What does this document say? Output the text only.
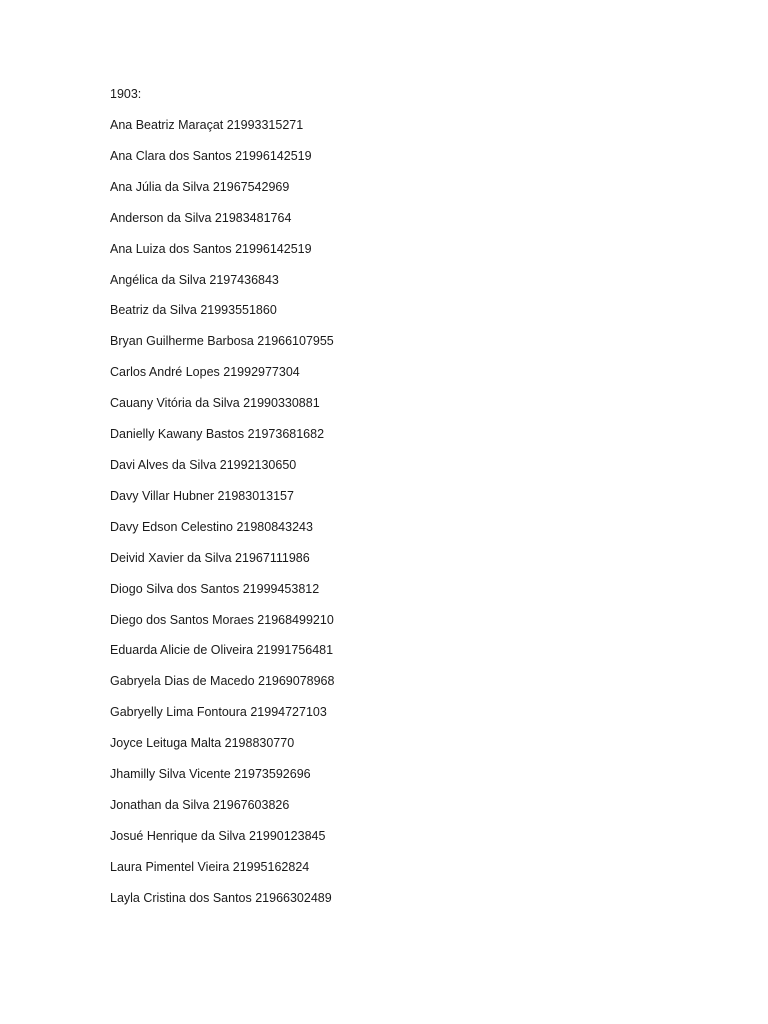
1903:

Ana Beatriz Maraçat 21993315271
Ana Clara dos Santos 21996142519
Ana Júlia da Silva 21967542969
Anderson da Silva 21983481764
Ana Luiza dos Santos 21996142519
Angélica da Silva 2197436843
Beatriz da Silva 21993551860
Bryan Guilherme Barbosa 21966107955
Carlos André Lopes 21992977304
Cauany Vitória da Silva 21990330881
Danielly Kawany Bastos 21973681682
Davi Alves da Silva 21992130650
Davy Villar Hubner 21983013157
Davy Edson Celestino 21980843243
Deivid Xavier da Silva 21967111986
Diogo Silva dos Santos 21999453812
Diego dos Santos Moraes 21968499210
Eduarda Alicie de Oliveira 21991756481
Gabryela Dias de Macedo 21969078968
Gabryelly Lima Fontoura 21994727103
Joyce Leituga Malta 2198830770
Jhamilly Silva Vicente 21973592696
Jonathan da Silva 21967603826
Josué Henrique da Silva 21990123845
Laura Pimentel Vieira 21995162824
Layla Cristina dos Santos 21966302489
